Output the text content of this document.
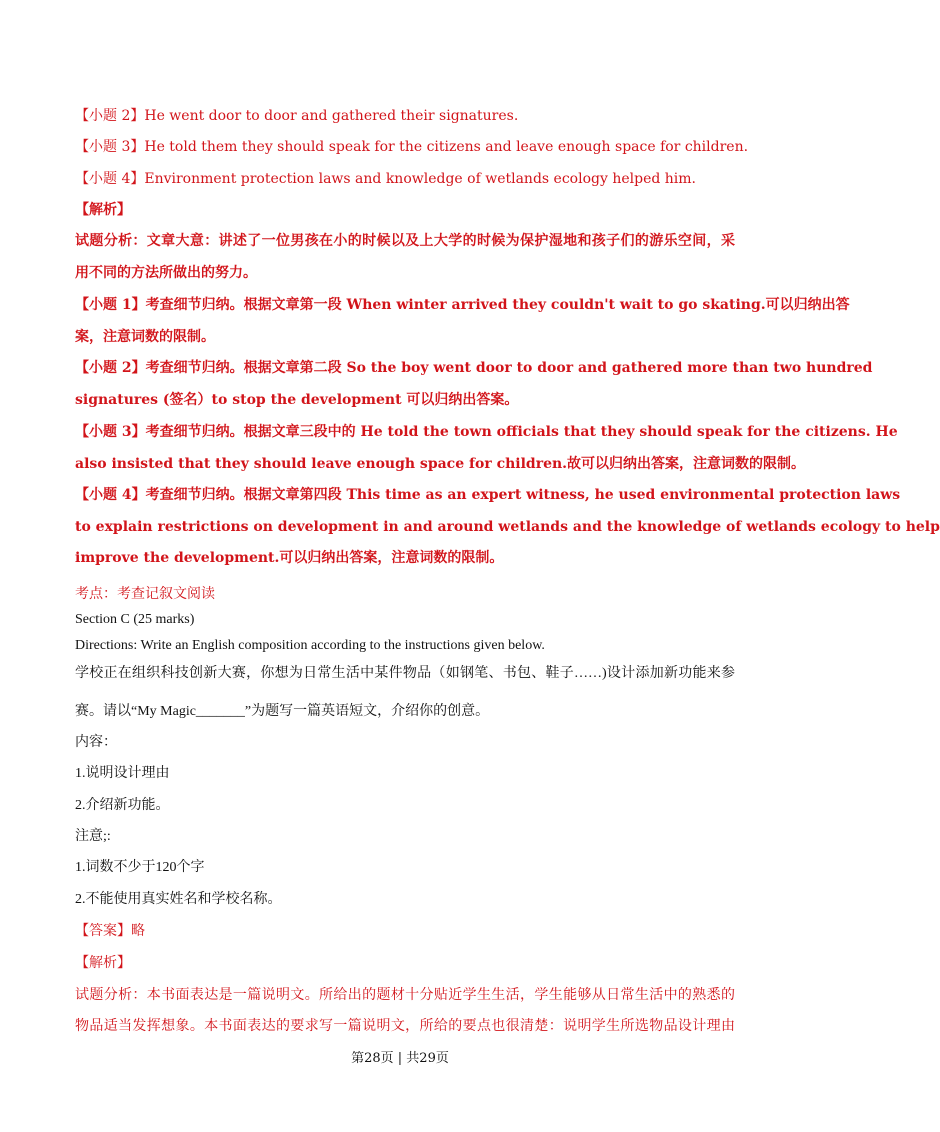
【小题 2】He went door to door and gathered their signatures.
【小题 3】He told them they should speak for the citizens and leave enough space for children.
【小题 4】Environment protection laws and knowledge of wetlands ecology helped him.
【解析】
试题分析：文章大意：讲述了一位男孩在小的时候以及上大学的时候为保护湿地和孩子们的游乐空间，采
用不同的方法所做出的努力。
【小题 1】考查细节归纳。根据文章第一段 When winter arrived they couldn't wait to go skating.可以归纳出答
案，注意词数的限制。
【小题 2】考查细节归纳。根据文章第二段 So the boy went door to door and gathered more than two hundred
signatures (签名）to stop the development 可以归纳出答案。
【小题 3】考查细节归纳。根据文章三段中的 He told the town officials that they should speak for the citizens. He
also insisted that they should leave enough space for children.故可以归纳出答案，注意词数的限制。
【小题 4】考查细节归纳。根据文章第四段 This time as an expert witness, he used environmental protection laws
to explain restrictions on development in and around wetlands and the knowledge of wetlands ecology to help
improve the development.可以归纳出答案，注意词数的限制。
考点：考查记叙文阅读
Section C (25 marks)
Directions: Write an English composition according to the instructions given below.
学校正在组织科技创新大赛，你想为日常生活中某件物品（如钢笔、书包、鞋子……)设计添加新功能来参
赛。请以“My Magic_______”为题写一篇英语短文，介绍你的创意。
内容：
1.说明设计理由
2.介绍新功能。
注意;:
1.词数不少于120个字
2.不能使用真实姓名和学校名称。
【答案】略
【解析】
试题分析：本书面表达是一篇说明文。所给出的题材十分贴近学生生活，学生能够从日常生活中的熟悉的
物品适当发挥想象。本书面表达的要求写一篇说明文，所给的要点也很清楚：说明学生所选物品设计理由
第28页 | 共29页
